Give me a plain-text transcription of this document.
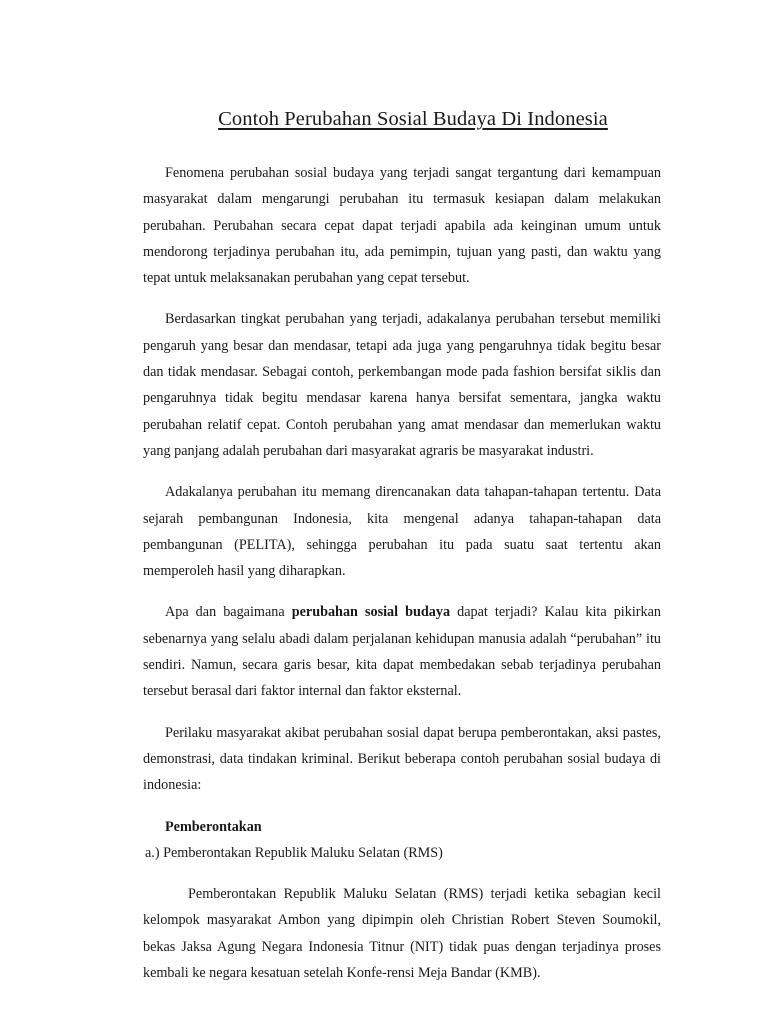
Contoh Perubahan Sosial Budaya Di Indonesia

Fenomena perubahan sosial budaya yang terjadi sangat tergantung dari kemampuan masyarakat dalam mengarungi perubahan itu termasuk kesiapan dalam melakukan perubahan. Perubahan secara cepat dapat terjadi apabila ada keinginan umum untuk mendorong terjadinya perubahan itu, ada pemimpin, tujuan yang pasti, dan waktu yang tepat untuk melaksanakan perubahan yang cepat tersebut.

Berdasarkan tingkat perubahan yang terjadi, adakalanya perubahan tersebut memiliki pengaruh yang besar dan mendasar, tetapi ada juga yang pengaruhnya tidak begitu besar dan tidak mendasar. Sebagai contoh, perkembangan mode pada fashion bersifat siklis dan pengaruhnya tidak begitu mendasar karena hanya bersifat sementara, jangka waktu perubahan relatif cepat. Contoh perubahan yang amat mendasar dan memerlukan waktu yang panjang adalah perubahan dari masyarakat agraris be masyarakat industri.

Adakalanya perubahan itu memang direncanakan data tahapan-tahapan tertentu. Data sejarah pembangunan Indonesia, kita mengenal adanya tahapan-tahapan data pembangunan (PELITA), sehingga perubahan itu pada suatu saat tertentu akan memperoleh hasil yang diharapkan.

Apa dan bagaimana perubahan sosial budaya dapat terjadi? Kalau kita pikirkan sebenarnya yang selalu abadi dalam perjalanan kehidupan manusia adalah “perubahan” itu sendiri. Namun, secara garis besar, kita dapat membedakan sebab terjadinya perubahan tersebut berasal dari faktor internal dan faktor eksternal.

Perilaku masyarakat akibat perubahan sosial dapat berupa pemberontakan, aksi pastes, demonstrasi, data tindakan kriminal. Berikut beberapa contoh perubahan sosial budaya di indonesia:

Pemberontakan

a.) Pemberontakan Republik Maluku Selatan (RMS)

Pemberontakan Republik Maluku Selatan (RMS) terjadi ketika sebagian kecil kelompok masyarakat Ambon yang dipimpin oleh Christian Robert Steven Soumokil, bekas Jaksa Agung Negara Indonesia Titnur (NIT) tidak puas dengan terjadinya proses kembali ke negara kesatuan setelah Konfe-rensi Meja Bandar (KMB).
